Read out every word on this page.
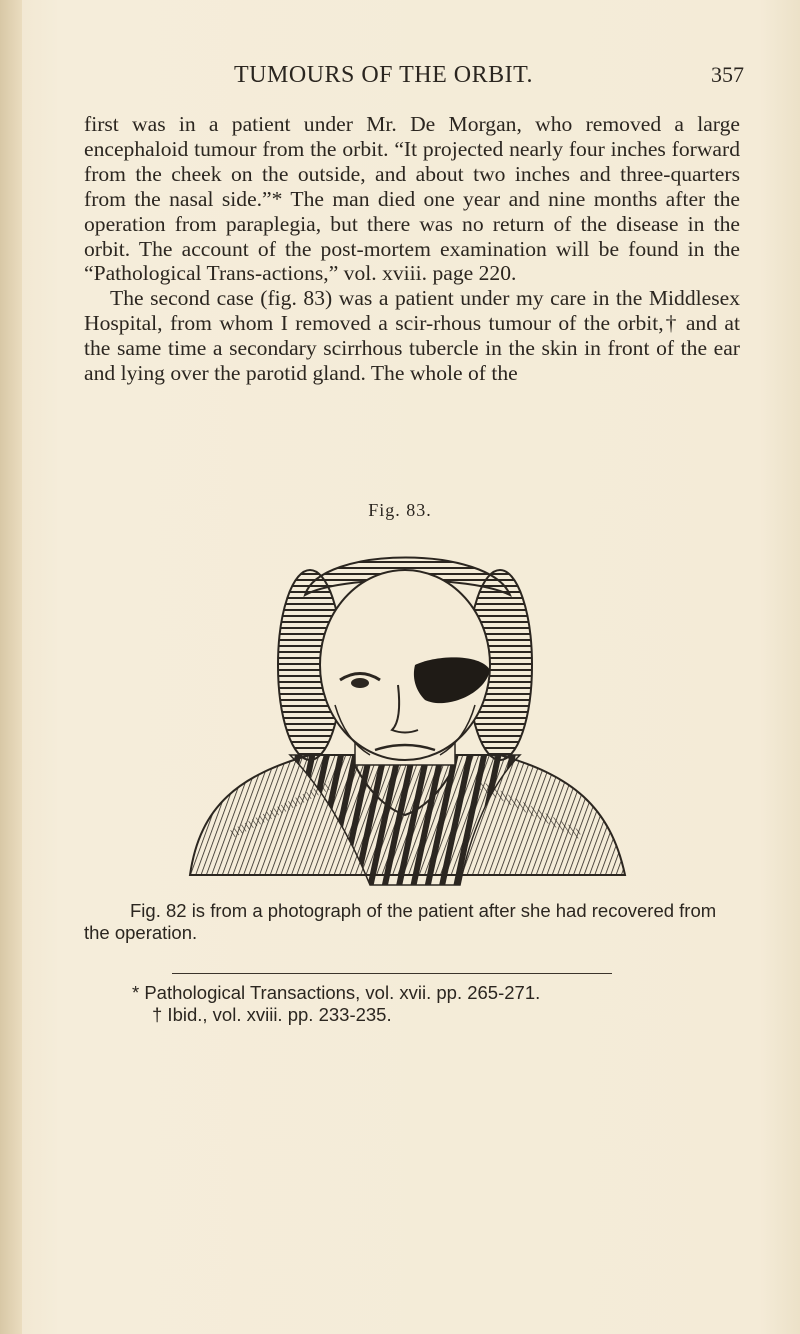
TUMOURS OF THE ORBIT.	357

first was in a patient under Mr. De Morgan, who removed a large encephaloid tumour from the orbit. “It projected nearly four inches forward from the cheek on the outside, and about two inches and three-quarters from the nasal side.”* The man died one year and nine months after the operation from paraplegia, but there was no return of the disease in the orbit. The account of the post-mortem examination will be found in the “Pathological Trans-actions,” vol. xviii. page 220.

The second case (fig. 83) was a patient under my care in the Middlesex Hospital, from whom I removed a scir-rhous tumour of the orbit,† and at the same time a secondary scirrhous tubercle in the skin in front of the ear and lying over the parotid gland. The whole of the

Fig. 83.
Fig. 82 is from a photograph of the patient after she had recovered from the operation.
* Pathological Transactions, vol. xvii. pp. 265-271.
† Ibid., vol. xviii. pp. 233-235.
